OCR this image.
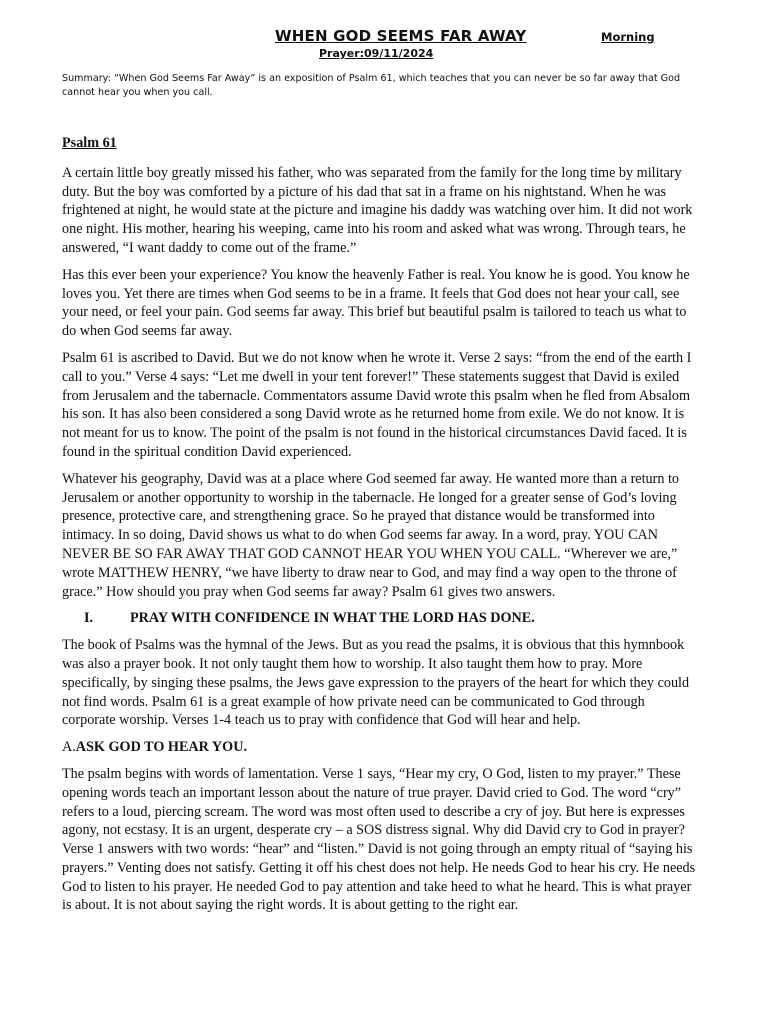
WHEN GOD SEEMS FAR AWAY	Morning
Prayer:09/11/2024
Summary: “When God Seems Far Away” is an exposition of Psalm 61, which teaches that you can never be so far away that God cannot hear you when you call.

Psalm 61

A certain little boy greatly missed his father, who was separated from the family for the long time by military duty. But the boy was comforted by a picture of his dad that sat in a frame on his nightstand. When he was frightened at night, he would state at the picture and imagine his daddy was watching over him. It did not work one night. His mother, hearing his weeping, came into his room and asked what was wrong. Through tears, he answered, “I want daddy to come out of the frame.”

Has this ever been your experience? You know the heavenly Father is real. You know he is good. You know he loves you. Yet there are times when God seems to be in a frame. It feels that God does not hear your call, see your need, or feel your pain. God seems far away. This brief but beautiful psalm is tailored to teach us what to do when God seems far away.

Psalm 61 is ascribed to David. But we do not know when he wrote it. Verse 2 says: “from the end of the earth I call to you.” Verse 4 says: “Let me dwell in your tent forever!” These statements suggest that David is exiled from Jerusalem and the tabernacle. Commentators assume David wrote this psalm when he fled from Absalom his son. It has also been considered a song David wrote as he returned home from exile. We do not know. It is not meant for us to know. The point of the psalm is not found in the historical circumstances David faced. It is found in the spiritual condition David experienced.

Whatever his geography, David was at a place where God seemed far away. He wanted more than a return to Jerusalem or another opportunity to worship in the tabernacle. He longed for a greater sense of God’s loving presence, protective care, and strengthening grace. So he prayed that distance would be transformed into intimacy. In so doing, David shows us what to do when God seems far away. In a word, pray. YOU CAN NEVER BE SO FAR AWAY THAT GOD CANNOT HEAR YOU WHEN YOU CALL. “Wherever we are,” wrote MATTHEW HENRY, “we have liberty to draw near to God, and may find a way open to the throne of grace.” How should you pray when God seems far away? Psalm 61 gives two answers.

I.	PRAY WITH CONFIDENCE IN WHAT THE LORD HAS DONE.

The book of Psalms was the hymnal of the Jews. But as you read the psalms, it is obvious that this hymnbook was also a prayer book. It not only taught them how to worship. It also taught them how to pray. More specifically, by singing these psalms, the Jews gave expression to the prayers of the heart for which they could not find words. Psalm 61 is a great example of how private need can be communicated to God through corporate worship. Verses 1-4 teach us to pray with confidence that God will hear and help.

A.ASK GOD TO HEAR YOU.

The psalm begins with words of lamentation. Verse 1 says, “Hear my cry, O God, listen to my prayer.” These opening words teach an important lesson about the nature of true prayer. David cried to God. The word “cry” refers to a loud, piercing scream. The word was most often used to describe a cry of joy. But here is expresses agony, not ecstasy. It is an urgent, desperate cry – a SOS distress signal. Why did David cry to God in prayer? Verse 1 answers with two words: “hear” and “listen.” David is not going through an empty ritual of “saying his prayers.” Venting does not satisfy. Getting it off his chest does not help. He needs God to hear his cry. He needs God to listen to his prayer. He needed God to pay attention and take heed to what he heard. This is what prayer is about. It is not about saying the right words. It is about getting to the right ear.
